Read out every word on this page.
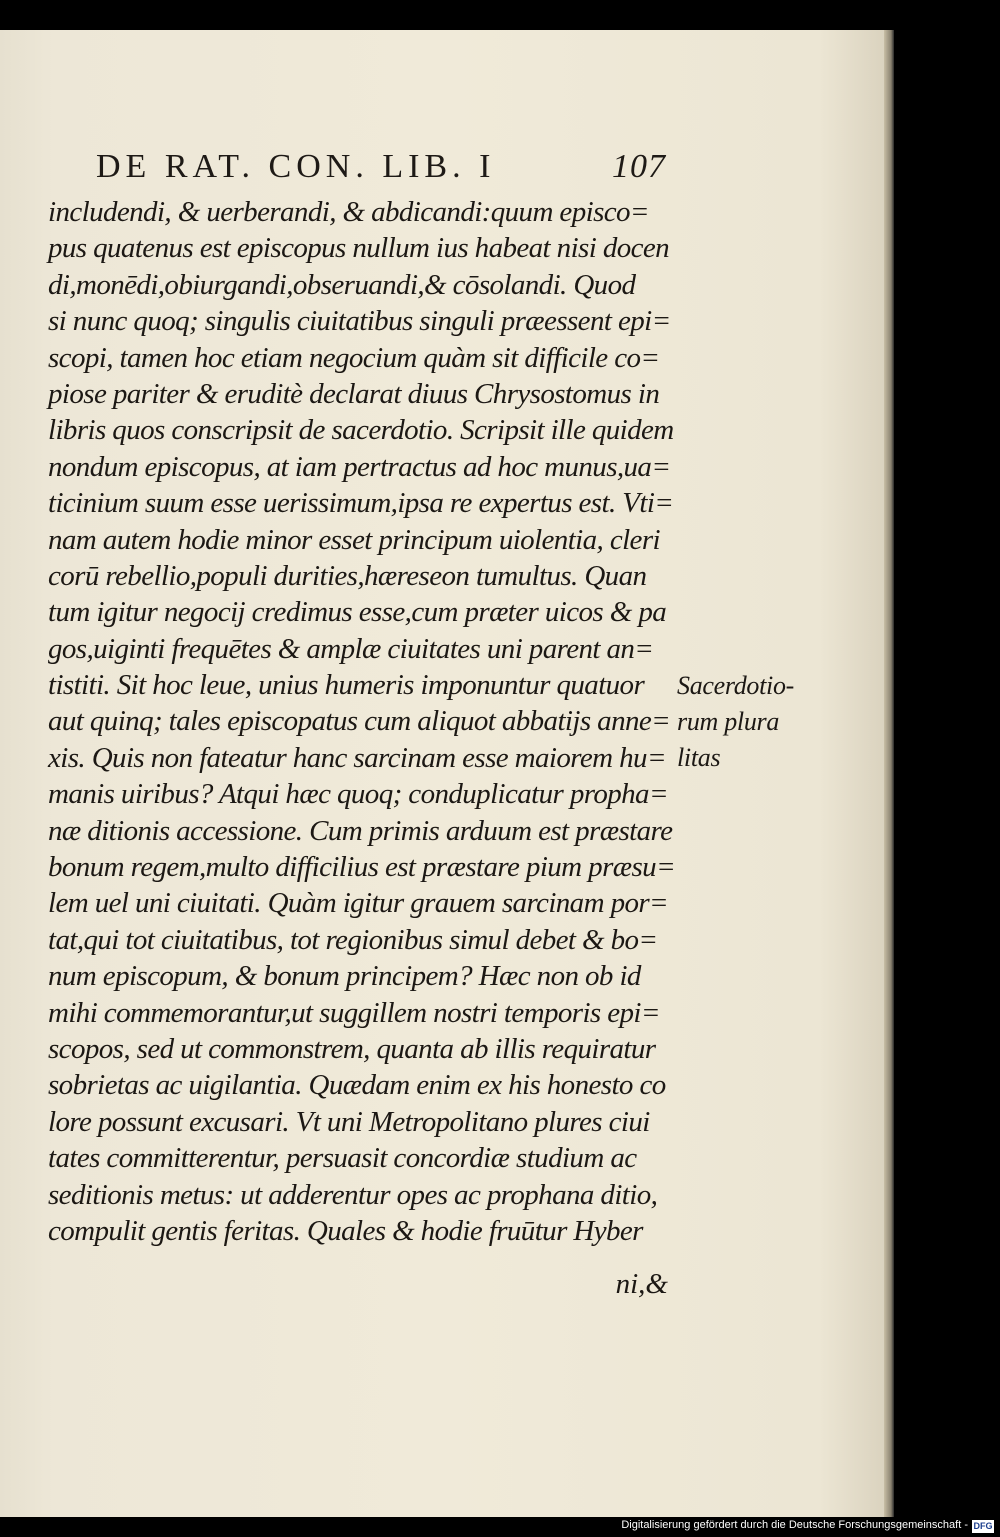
DE RAT. CON. LIB. I	107
includendi, & uerberandi, & abdicandi:quum episco=
pus quatenus est episcopus nullum ius habeat nisi docen
di,monēdi,obiurgandi,obseruandi,& cōsolandi. Quod
si nunc quoq; singulis ciuitatibus singuli præessent epi=
scopi, tamen hoc etiam negocium quàm sit difficile co=
piose pariter & eruditè declarat diuus Chrysostomus in
libris quos conscripsit de sacerdotio. Scripsit ille quidem
nondum episcopus, at iam pertractus ad hoc munus,ua=
ticinium suum esse uerissimum,ipsa re expertus est. Vti=
nam autem hodie minor esset principum uiolentia, cleri
corū rebellio,populi durities,hæreseon tumultus. Quan
tum igitur negocij credimus esse,cum præter uicos & pa
gos,uiginti frequētes & amplæ ciuitates uni parent an=
tistiti. Sit hoc leue, unius humeris imponuntur quatuor
aut quinq; tales episcopatus cum aliquot abbatijs anne=
xis. Quis non fateatur hanc sarcinam esse maiorem hu=
manis uiribus? Atqui hæc quoq; conduplicatur propha=
næ ditionis accessione. Cum primis arduum est præstare
bonum regem,multo difficilius est præstare pium præsu=
lem uel uni ciuitati. Quàm igitur grauem sarcinam por=
tat,qui tot ciuitatibus, tot regionibus simul debet & bo=
num episcopum, & bonum principem? Hæc non ob id
mihi commemorantur,ut suggillem nostri temporis epi=
scopos, sed ut commonstrem, quanta ab illis requiratur
sobrietas ac uigilantia. Quædam enim ex his honesto co
lore possunt excusari. Vt uni Metropolitano plures ciui
tates committerentur, persuasit concordiæ studium ac
seditionis metus: ut adderentur opes ac prophana ditio,
compulit gentis feritas. Quales & hodie fruūtur Hyber
ni,&
Sacerdotio-
rum plura
litas
Digitalisierung gefördert durch die Deutsche Forschungsgemeinschaft - DFG
